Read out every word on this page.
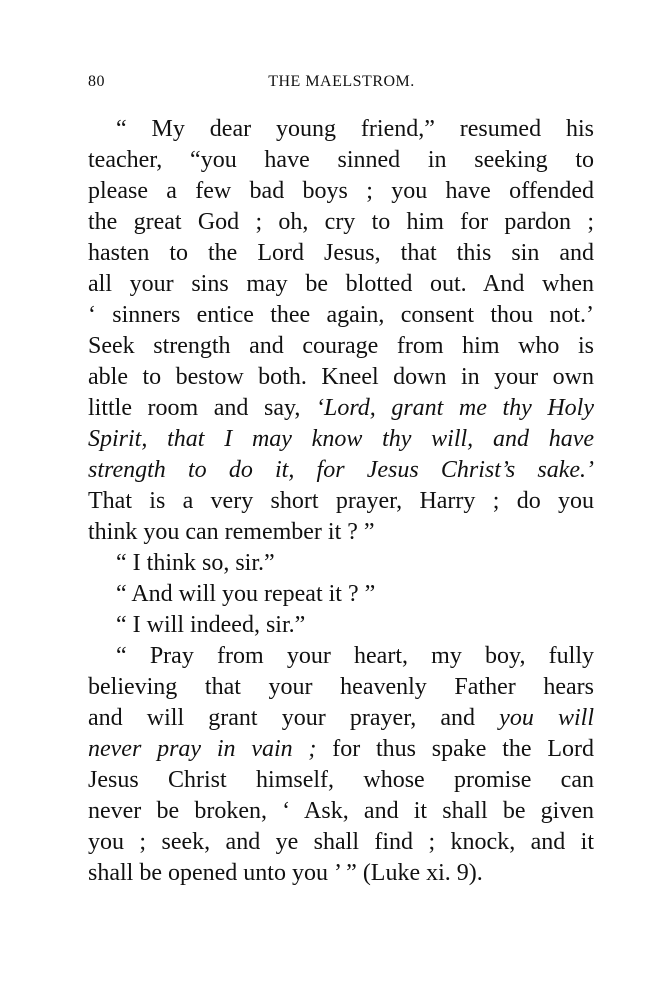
80	THE MAELSTROM.
“ My dear young friend,” resumed his
teacher, “you have sinned in seeking to
please a few bad boys ; you have offended
the great God ; oh, cry to him for pardon ;
hasten to the Lord Jesus, that this sin and
all your sins may be blotted out. And when
‘ sinners entice thee again, consent thou not.’
Seek strength and courage from him who is
able to bestow both. Kneel down in your own
little room and say, ‘Lord, grant me thy Holy
Spirit, that I may know thy will, and have
strength to do it, for Jesus Christ’s sake.’
That is a very short prayer, Harry ; do you
think you can remember it ? ”
“ I think so, sir.”
“ And will you repeat it ? ”
“ I will indeed, sir.”
“ Pray from your heart, my boy, fully
believing that your heavenly Father hears
and will grant your prayer, and you will
never pray in vain ; for thus spake the Lord
Jesus Christ himself, whose promise can
never be broken, ‘ Ask, and it shall be given
you ; seek, and ye shall find ; knock, and it
shall be opened unto you ’ ” (Luke xi. 9).
